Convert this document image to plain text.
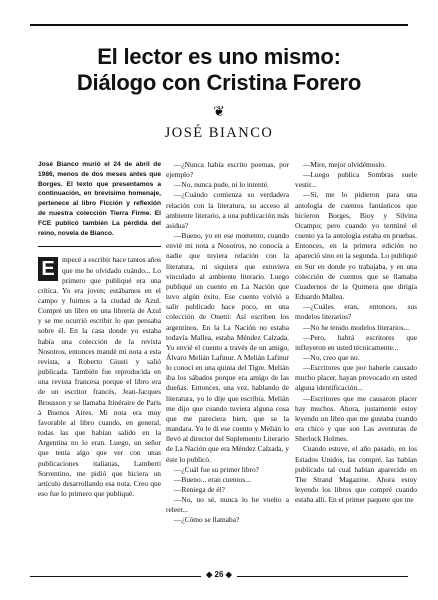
El lector es uno mismo:
Diálogo con Cristina Forero
❦
JOSÉ BIANCO

José Bianco murió el 24 de abril de 1986, menos de dos meses antes que Borges. El texto que presentamos a continuación, en brevísimo homenaje, pertenece al libro Ficción y reflexión de nuestra colección Tierra Firme. El FCE publicó también La pérdida del reino, novela de Bianco.

E mpecé a escribir hace tantos años que me he olvidado cuándo... Lo primero que publiqué era una crítica. Yo era joven; estábamos en el campo y fuimos a la ciudad de Azul. Compré un libro en una librería de Azul y se me ocurrió escribir lo que pensaba sobre él. En la casa donde yo estaba había una colección de la revista Nosotros, entonces mandé mi nota a esta revista, a Roberto Giusti y salió publicada. También fue reproducida en una revista francesa porque el libro era de un escritor francés, Jean-Jacques Brousson y se llamaba Itinéraire de Paris à Buenos Aires. Mi nota era muy favorable al libro cuando, en general, todas las que habían salido en la Argentina no lo eran. Luego, un señor que tenía algo que ver con unas publicaciones italianas, Lamberti Sorrentino, me pidió que hiciera un artículo desarrollando esa nota. Creo que eso fue lo primero que publiqué.

—¿Nunca había escrito poemas, por ejemplo?

—No, nunca pude, ni lo intenté.

—¿Cuándo comienza su verdadera relación con la literatura, su acceso al ambiente literario, a una publicación más asidua?

—Bueno, yo en ese momento, cuando envié mi nota a Nosotros, no conocía a nadie que tuviera relación con la literatura, ni siquiera que estuviera vinculado al ambiente literario. Luego publiqué un cuento en La Nación que tuvo algún éxito. Ese cuento volvió a salir publicado hace poco, en una colección de Onetti: Así escriben los argentinos. En la La Nación no estaba todavía Mallea, estaba Méndez Calzada. Yo envié el cuento a través de un amigo, Álvaro Melián Lafinur. A Melián Lafinur lo conocí en una quinta del Tigre. Melián iba los sábados porque era amigo de las dueñas. Entonces, una vez, hablando de literatura, yo le dije que escribía. Melián me dijo que cuando tuviera alguna cosa que me pareciera bien, que se la mandara. Yo le di ese cuento y Melián lo llevó al director del Suplemento Literario de La Nación que era Méndez Calzada, y éste lo publicó.

—¿Cuál fue su primer libro?

—Bueno... eran cuentos...

—Reniega de él?

—No, no sé, nunca lo he vuelto a releer...

—¿Cómo se llamaba?

—Mire, mejor olvidémoslo.

—Luego publica Sombras suele vestir...

—Sí, me lo pidieron para una antología de cuentos fantásticos que hicieron Borges, Bioy y Silvina Ocampo; pero cuando yo terminé el cuento ya la antología estaba en pruebas. Entonces, en la primera edición no apareció sino en la segunda. Lo publiqué en Sur en donde yo trabajaba, y en una colección de cuentos que se llamaba Cuadernos de la Quimera que dirigía Eduardo Mallea.

—¿Cuáles eran, entonces, sus modelos literarios?

—No he tenido modelos literarios...

—Pero, habrá escritores que influyeron en usted técnicamente...

—No, creo que no.

—Escritores que por haberle causado mucho placer, hayan provocado en usted alguna identificación...

—Escritores que me causaron placer hay muchos. Ahora, justamente estoy leyendo un libro que me gustaba cuando era chico y que son Las aventuras de Sherlock Holmes.

Cuando estuve, el año pasado, en los Estados Unidos, las compré, las habían publicado tal cual habían aparecido en The Strand Magazine. Ahora estoy leyendo los libros que compré cuando estaba allí. En el primer paquete que me

◆ 26 ◆
